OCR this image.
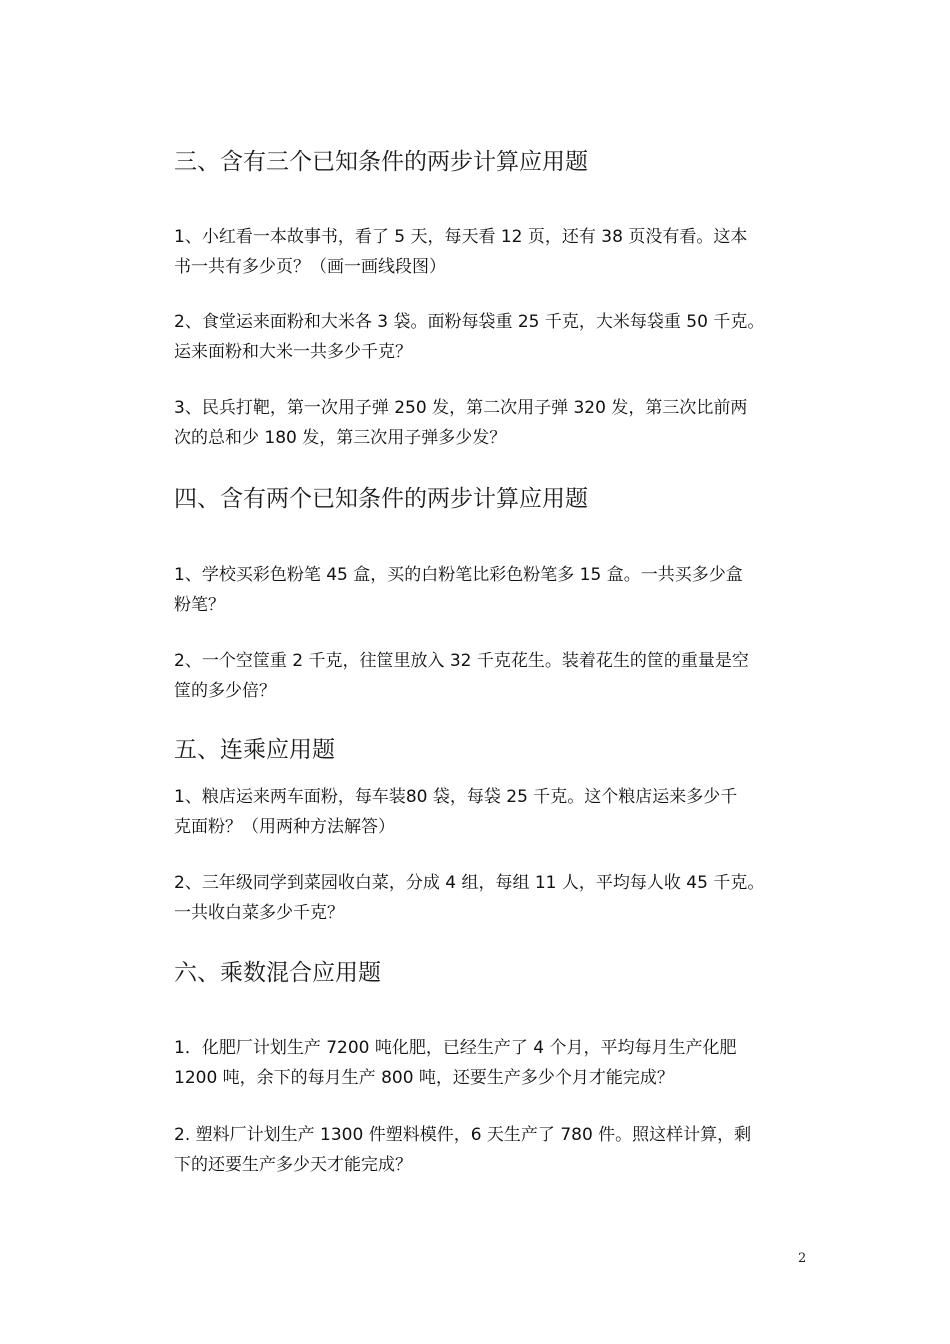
三、含有三个已知条件的两步计算应用题
1、小红看一本故事书，看了 5 天，每天看 12 页，还有 38 页没有看。这本
书一共有多少页？（画一画线段图）
2、食堂运来面粉和大米各 3 袋。面粉每袋重 25 千克，大米每袋重 50 千克。
运来面粉和大米一共多少千克？
3、民兵打靶，第一次用子弹 250 发，第二次用子弹 320 发，第三次比前两
次的总和少 180 发，第三次用子弹多少发？
四、含有两个已知条件的两步计算应用题
1、学校买彩色粉笔 45 盒，买的白粉笔比彩色粉笔多 15 盒。一共买多少盒
粉笔？
2、一个空筐重 2 千克，往筐里放入 32 千克花生。装着花生的筐的重量是空
筐的多少倍？
五、连乘应用题
1、粮店运来两车面粉，每车装80 袋，每袋 25 千克。这个粮店运来多少千
克面粉？（用两种方法解答）
2、三年级同学到菜园收白菜，分成 4 组，每组 11 人，平均每人收 45 千克。
一共收白菜多少千克？
六、乘数混合应用题
1．化肥厂计划生产 7200 吨化肥，已经生产了 4 个月，平均每月生产化肥
1200 吨，余下的每月生产 800 吨，还要生产多少个月才能完成？
2. 塑料厂计划生产 1300 件塑料模件，6 天生产了 780 件。照这样计算，剩
下的还要生产多少天才能完成？
2
